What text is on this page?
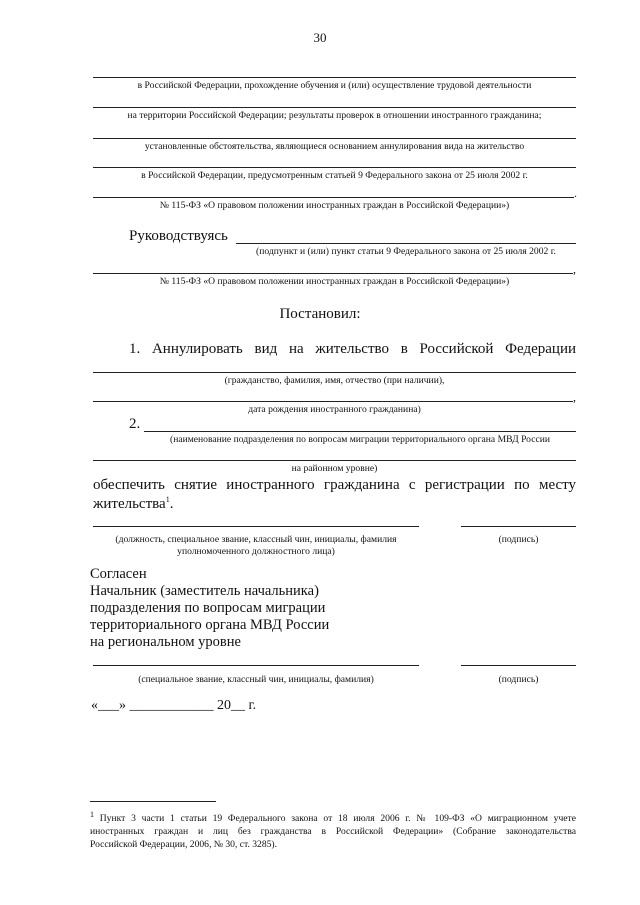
30
в Российской Федерации, прохождение обучения и (или) осуществление трудовой деятельности
на территории Российской Федерации; результаты проверок в отношении иностранного гражданина;
установленные обстоятельства, являющиеся основанием аннулирования вида на жительство
в Российской Федерации, предусмотренным статьей 9 Федерального закона от 25 июля 2002 г.
.
№ 115-ФЗ «О правовом положении иностранных граждан в Российской Федерации»)
Руководствуясь
(подпункт и (или) пункт статьи 9 Федерального закона от 25 июля 2002 г.
,
№ 115-ФЗ «О правовом положении иностранных граждан в Российской Федерации»)
Постановил:
1. Аннулировать вид на жительство в Российской Федерации
(гражданство, фамилия, имя, отчество (при наличии),
,
дата рождения иностранного гражданина)
2.
(наименование подразделения по вопросам миграции территориального органа МВД России
на районном уровне)
обеспечить снятие иностранного гражданина с регистрации по месту
жительства$^1$.
(должность, специальное звание, классный чин, инициалы, фамилия
уполномоченного должностного лица)
(подпись)
Согласен
Начальник (заместитель начальника)
подразделения по вопросам миграции
территориального органа МВД России
на региональном уровне
(специальное звание, классный чин, инициалы, фамилия)	(подпись)
«___» ____________ 20__ г.
$^1$ Пункт 3 части 1 статьи 19 Федерального закона от 18 июля 2006 г. № 109-ФЗ «О миграционном учете
иностранных граждан и лиц без гражданства в Российской Федерации» (Собрание законодательства
Российской Федерации, 2006, № 30, ст. 3285).
